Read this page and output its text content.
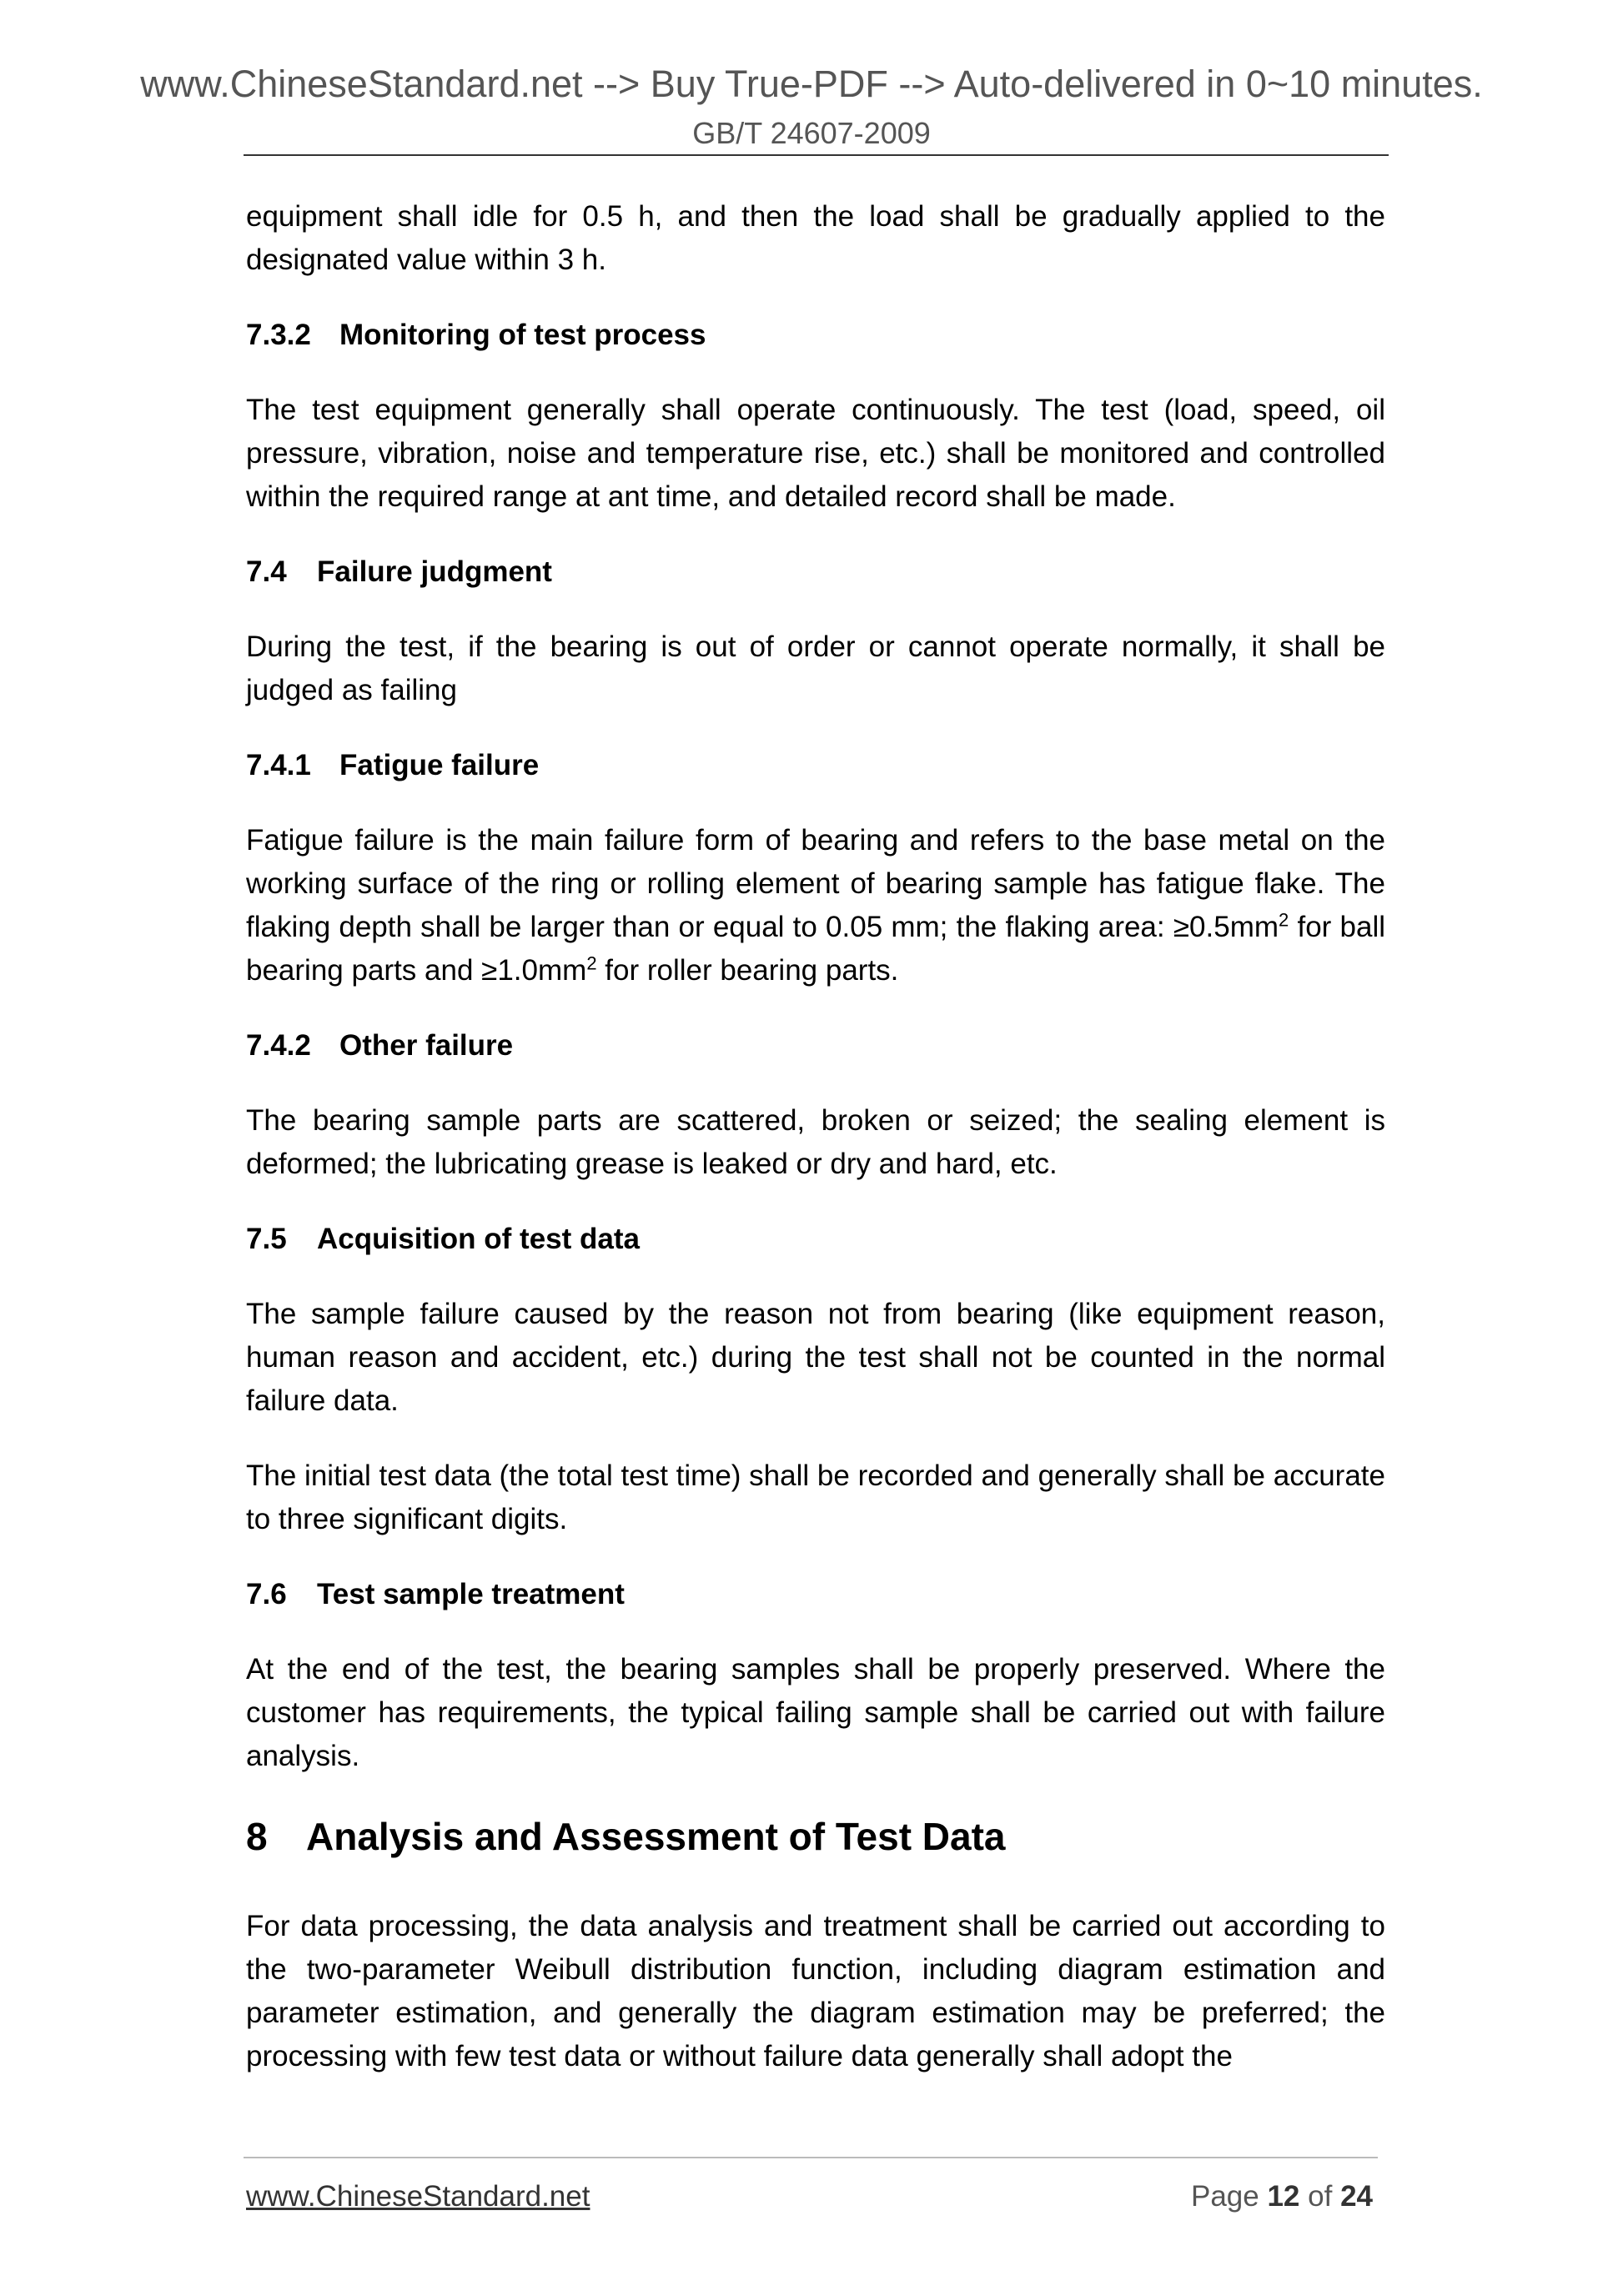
www.ChineseStandard.net --> Buy True-PDF --> Auto-delivered in 0~10 minutes.
GB/T 24607-2009

equipment shall idle for 0.5 h, and then the load shall be gradually applied to the designated value within 3 h.

7.3.2 Monitoring of test process

The test equipment generally shall operate continuously. The test (load, speed, oil pressure, vibration, noise and temperature rise, etc.) shall be monitored and controlled within the required range at ant time, and detailed record shall be made.

7.4 Failure judgment

During the test, if the bearing is out of order or cannot operate normally, it shall be judged as failing

7.4.1 Fatigue failure

Fatigue failure is the main failure form of bearing and refers to the base metal on the working surface of the ring or rolling element of bearing sample has fatigue flake. The flaking depth shall be larger than or equal to 0.05 mm; the flaking area: $\ge 0.5mm^2$ for ball bearing parts and $\ge 1.0mm^2$ for roller bearing parts.

7.4.2 Other failure

The bearing sample parts are scattered, broken or seized; the sealing element is deformed; the lubricating grease is leaked or dry and hard, etc.

7.5 Acquisition of test data

The sample failure caused by the reason not from bearing (like equipment reason, human reason and accident, etc.) during the test shall not be counted in the normal failure data.

The initial test data (the total test time) shall be recorded and generally shall be accurate to three significant digits.

7.6 Test sample treatment

At the end of the test, the bearing samples shall be properly preserved. Where the customer has requirements, the typical failing sample shall be carried out with failure analysis.

8 Analysis and Assessment of Test Data

For data processing, the data analysis and treatment shall be carried out according to the two-parameter Weibull distribution function, including diagram estimation and parameter estimation, and generally the diagram estimation may be preferred; the processing with few test data or without failure data generally shall adopt the

www.ChineseStandard.net	Page 12 of 24
